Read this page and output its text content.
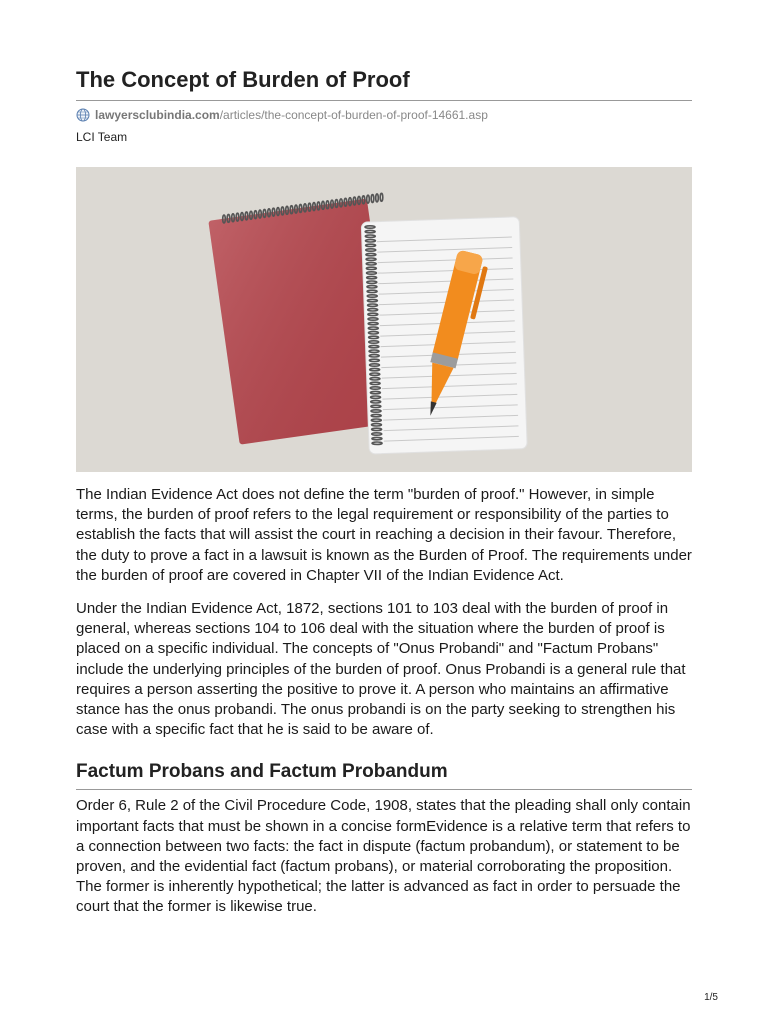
The Concept of Burden of Proof
lawyersclubindia.com /articles/the-concept-of-burden-of-proof-14661.asp
LCI Team

The Indian Evidence Act does not define the term "burden of proof." However, in simple terms, the burden of proof refers to the legal requirement or responsibility of the parties to establish the facts that will assist the court in reaching a decision in their favour. Therefore, the duty to prove a fact in a lawsuit is known as the Burden of Proof. The requirements under the burden of proof are covered in Chapter VII of the Indian Evidence Act.

Under the Indian Evidence Act, 1872, sections 101 to 103 deal with the burden of proof in general, whereas sections 104 to 106 deal with the situation where the burden of proof is placed on a specific individual. The concepts of "Onus Probandi" and "Factum Probans" include the underlying principles of the burden of proof. Onus Probandi is a general rule that requires a person asserting the positive to prove it. A person who maintains an affirmative stance has the onus probandi. The onus probandi is on the party seeking to strengthen his case with a specific fact that he is said to be aware of.

Factum Probans and Factum Probandum

Order 6, Rule 2 of the Civil Procedure Code, 1908, states that the pleading shall only contain important facts that must be shown in a concise formEvidence is a relative term that refers to a connection between two facts: the fact in dispute (factum probandum), or statement to be proven, and the evidential fact (factum probans), or material corroborating the proposition. The former is inherently hypothetical; the latter is advanced as fact in order to persuade the court that the former is likewise true.

1/5
